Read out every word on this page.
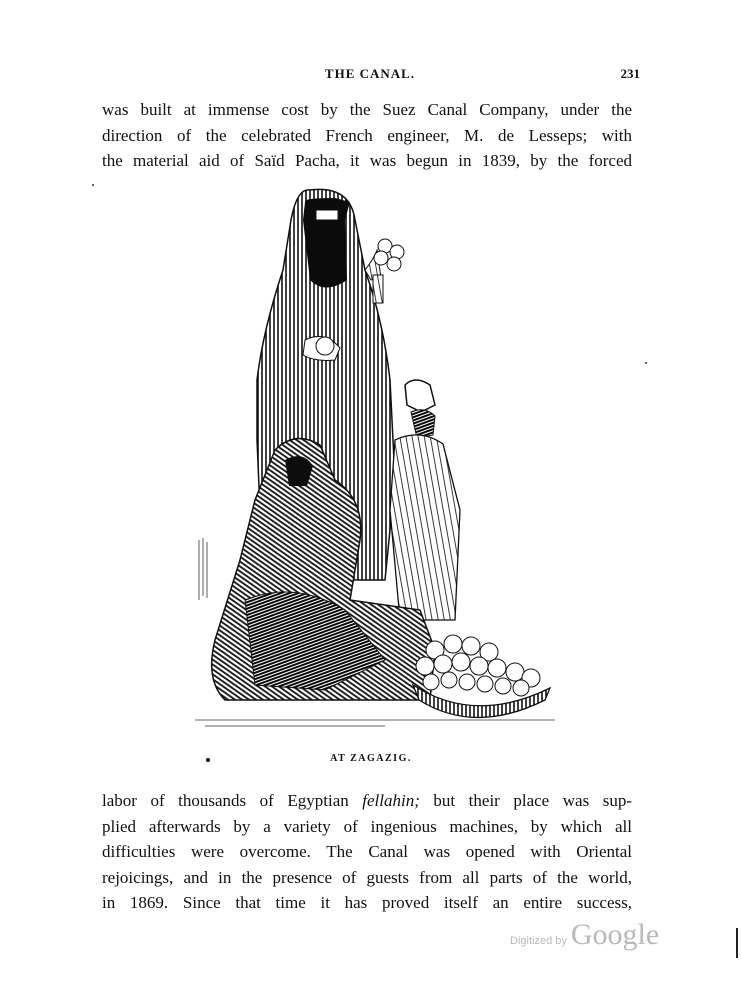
THE CANAL.	231
was built at immense cost by the Suez Canal Company, under the
direction of the celebrated French engineer, M. de Lesseps; with
the material aid of Saïd Pacha, it was begun in 1839, by the forced
AT ZAGAZIG.
labor of thousands of Egyptian fellahin; but their place was sup-
plied afterwards by a variety of ingenious machines, by which all
difficulties were overcome. The Canal was opened with Oriental
rejoicings, and in the presence of guests from all parts of the world,
in 1869. Since that time it has proved itself an entire success,
Digitized by Google
